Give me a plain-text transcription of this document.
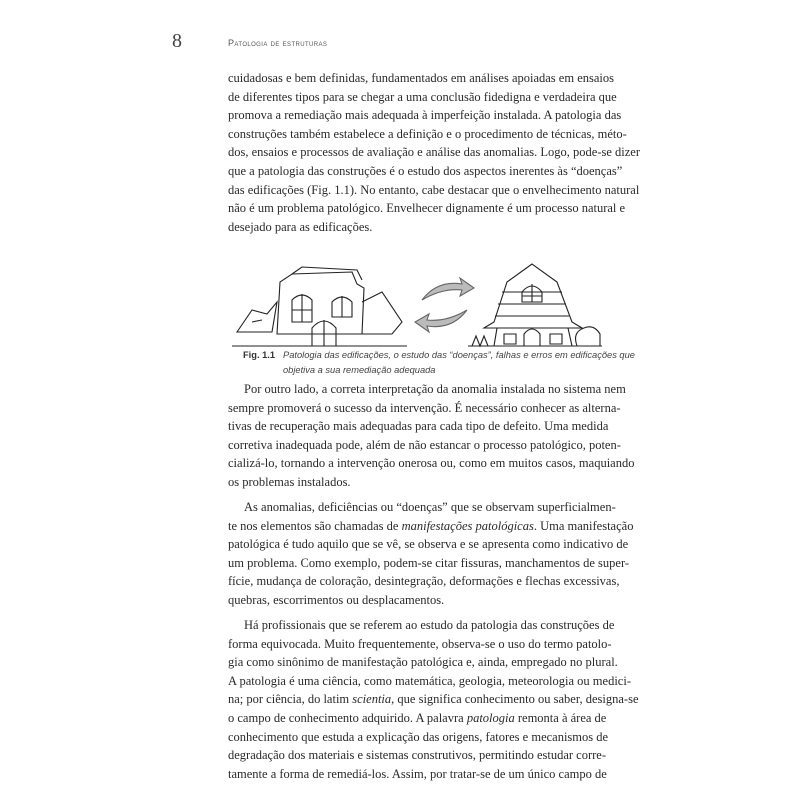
8	Patologia de estruturas
cuidadosas e bem definidas, fundamentados em análises apoiadas em ensaios
de diferentes tipos para se chegar a uma conclusão fidedigna e verdadeira que
promova a remediação mais adequada à imperfeição instalada. A patologia das
construções também estabelece a definição e o procedimento de técnicas, méto-
dos, ensaios e processos de avaliação e análise das anomalias. Logo, pode-se dizer
que a patologia das construções é o estudo dos aspectos inerentes às “doenças”
das edificações (Fig. 1.1). No entanto, cabe destacar que o envelhecimento natural
não é um problema patológico. Envelhecer dignamente é um processo natural e
desejado para as edificações.
Fig. 1.1 Patologia das edificações, o estudo das “doenças”, falhas e erros em edificações que
objetiva a sua remediação adequada
Por outro lado, a correta interpretação da anomalia instalada no sistema nem
sempre promoverá o sucesso da intervenção. É necessário conhecer as alterna-
tivas de recuperação mais adequadas para cada tipo de defeito. Uma medida
corretiva inadequada pode, além de não estancar o processo patológico, poten-
cializá-lo, tornando a intervenção onerosa ou, como em muitos casos, maquiando
os problemas instalados.
As anomalias, deficiências ou “doenças” que se observam superficialmen-
te nos elementos são chamadas de manifestações patológicas. Uma manifestação
patológica é tudo aquilo que se vê, se observa e se apresenta como indicativo de
um problema. Como exemplo, podem-se citar fissuras, manchamentos de super-
fície, mudança de coloração, desintegração, deformações e flechas excessivas,
quebras, escorrimentos ou desplacamentos.
Há profissionais que se referem ao estudo da patologia das construções de
forma equivocada. Muito frequentemente, observa-se o uso do termo patolo-
gia como sinônimo de manifestação patológica e, ainda, empregado no plural.
A patologia é uma ciência, como matemática, geologia, meteorologia ou medici-
na; por ciência, do latim scientia, que significa conhecimento ou saber, designa-se
o campo de conhecimento adquirido. A palavra patologia remonta à área de
conhecimento que estuda a explicação das origens, fatores e mecanismos de
degradação dos materiais e sistemas construtivos, permitindo estudar corre-
tamente a forma de remediá-los. Assim, por tratar-se de um único campo de
